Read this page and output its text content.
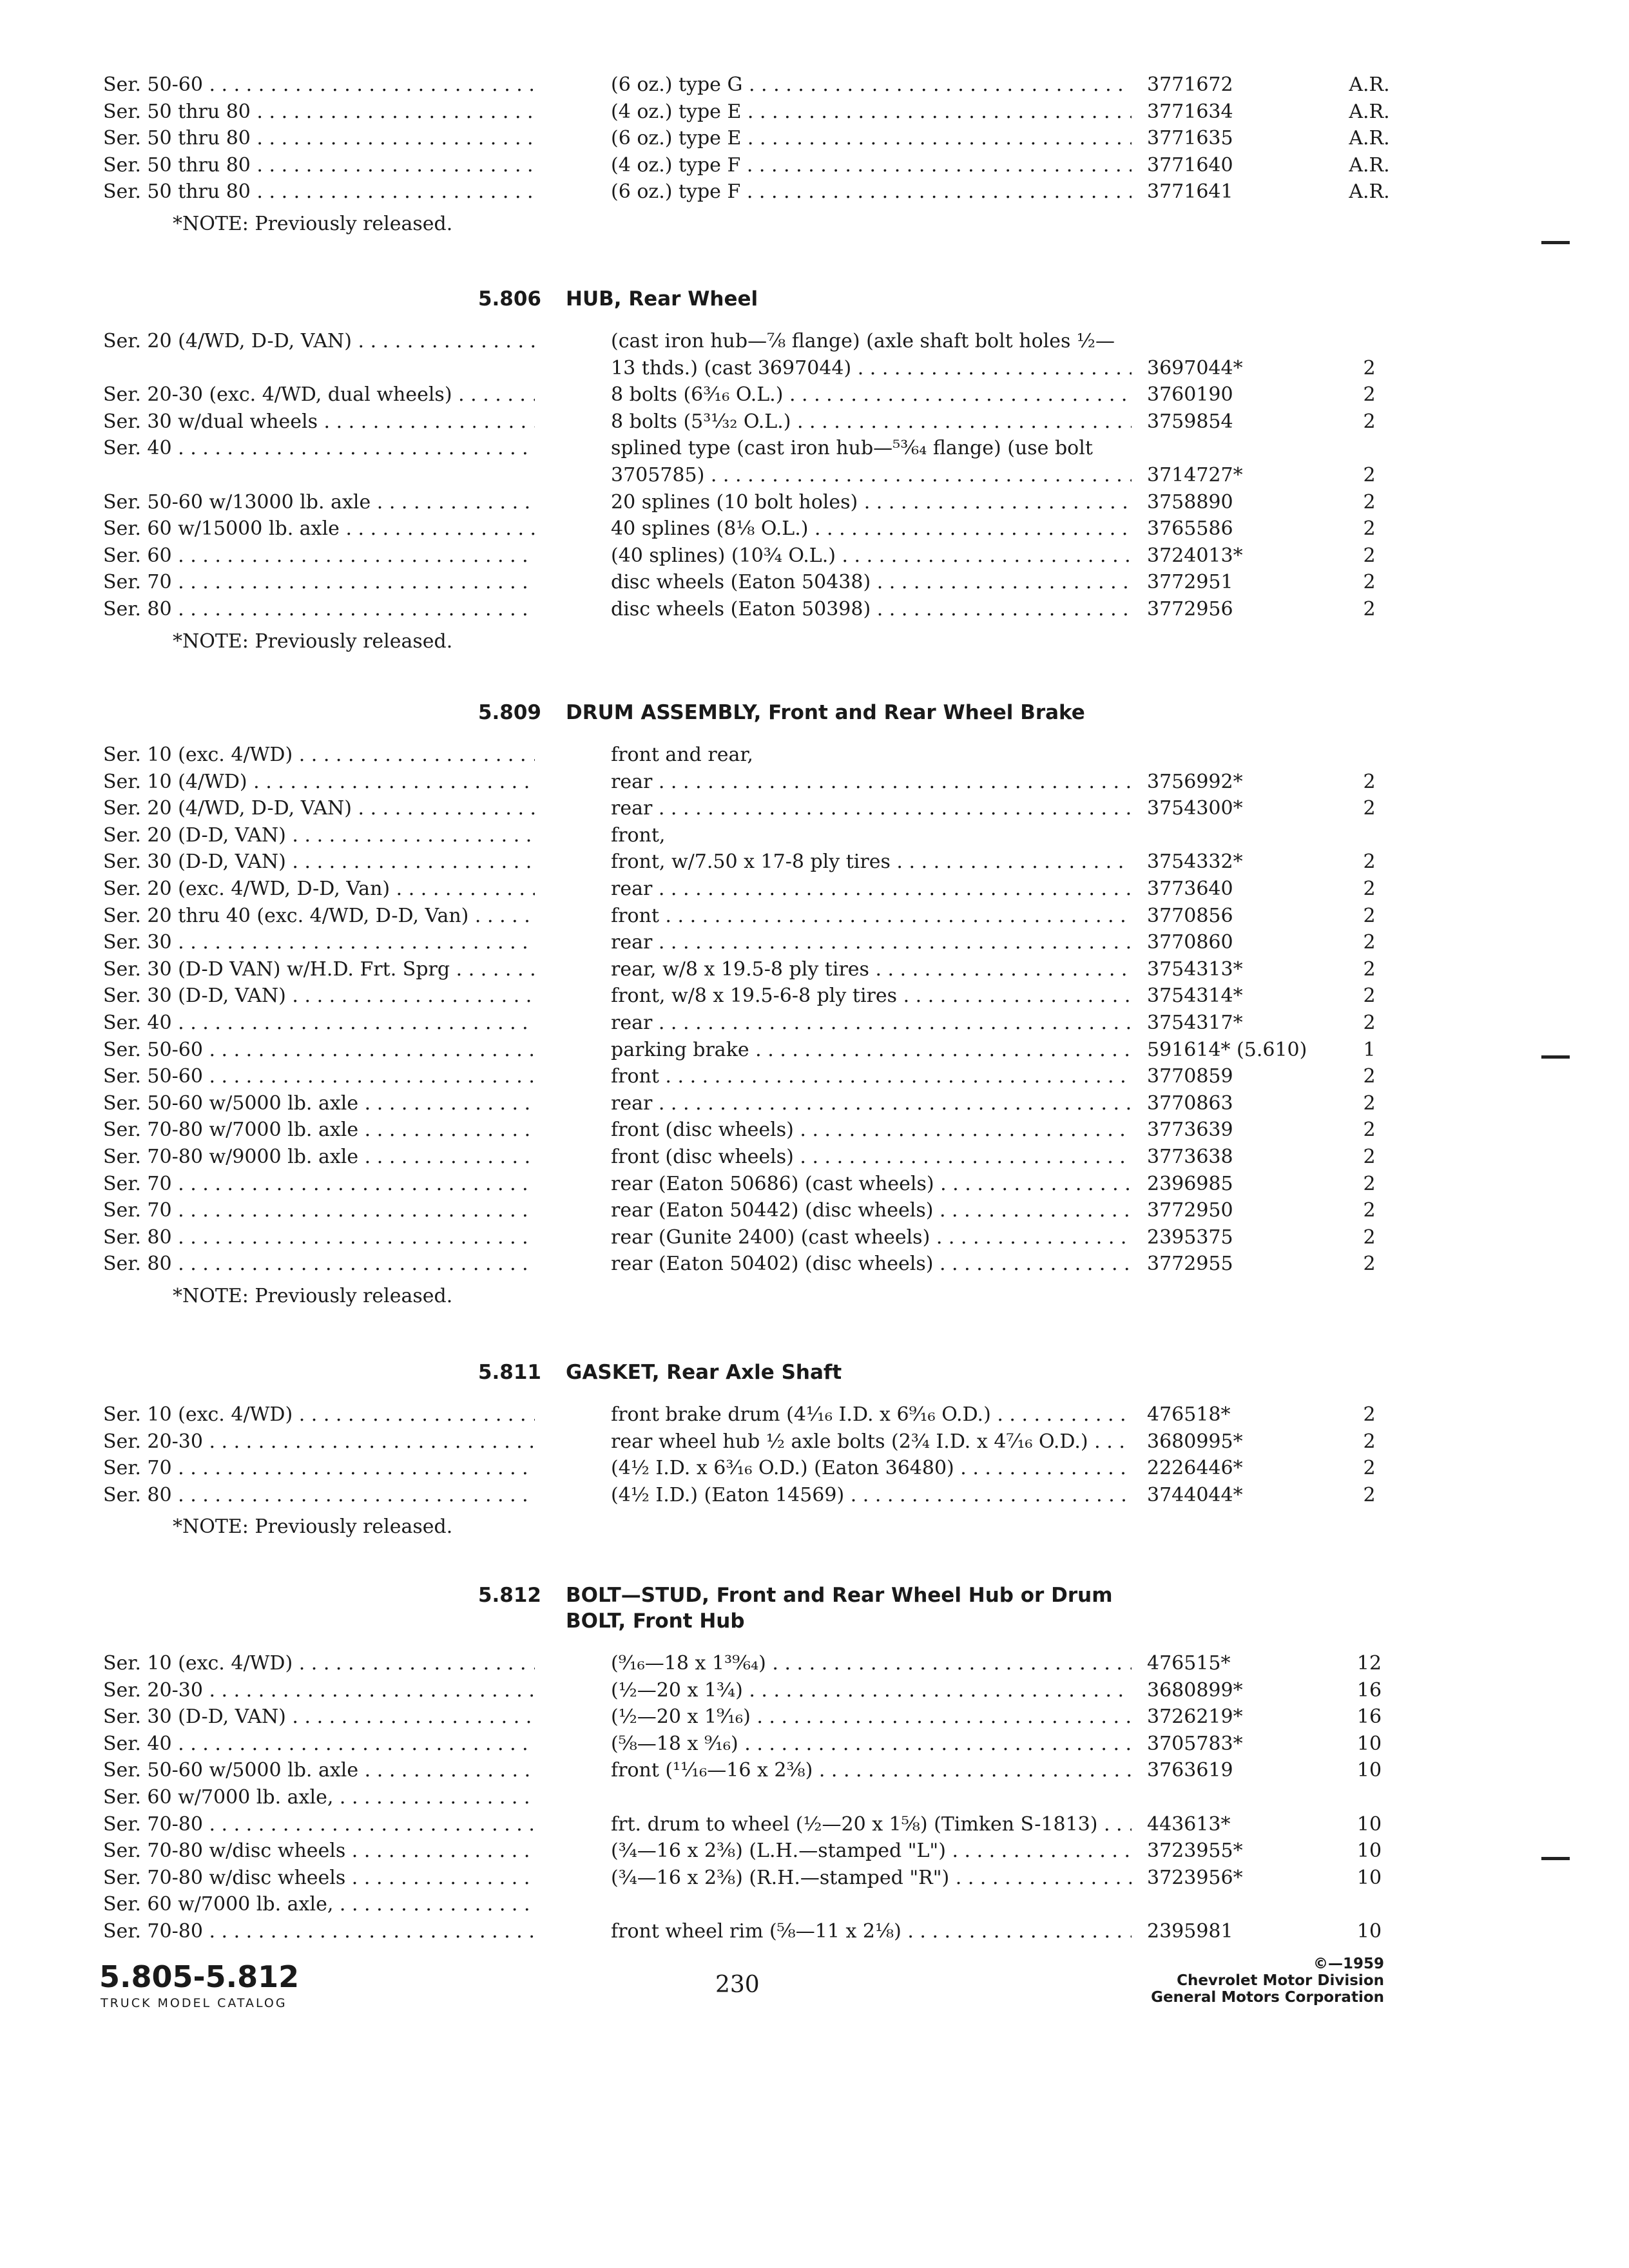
Ser. 50-60 . . .	(6 oz.) type G . . .	3771672	A.R.
Ser. 50 thru 80 . . .	(4 oz.) type E . . .	3771634	A.R.
Ser. 50 thru 80 . . .	(6 oz.) type E . . .	3771635	A.R.
Ser. 50 thru 80 . . .	(4 oz.) type F . . .	3771640	A.R.
Ser. 50 thru 80 . . .	(6 oz.) type F . . .	3771641	A.R.
*NOTE: Previously released.
5.806 HUB, Rear Wheel
Ser. 20 (4/WD, D-D, VAN) . . .	(cast iron hub—⅞ flange) (axle shaft bolt holes ½—
13 thds.) (cast 3697044) . . .	3697044*	2
Ser. 20-30 (exc. 4/WD, dual wheels) . . .	8 bolts (6³⁄₁₆ O.L.) . . .	3760190	2
Ser. 30 w/dual wheels . . .	8 bolts (5³¹⁄₃₂ O.L.) . . .	3759854	2
Ser. 40 . . .	splined type (cast iron hub—⁵³⁄₆₄ flange) (use bolt
3705785) . . .	3714727*	2
Ser. 50-60 w/13000 lb. axle . . .	20 splines (10 bolt holes) . . .	3758890	2
Ser. 60 w/15000 lb. axle . . .	40 splines (8⅛ O.L.) . . .	3765586	2
Ser. 60 . . .	(40 splines) (10¾ O.L.) . . .	3724013*	2
Ser. 70 . . .	disc wheels (Eaton 50438) . . .	3772951	2
Ser. 80 . . .	disc wheels (Eaton 50398) . . .	3772956	2
*NOTE: Previously released.
5.809 DRUM ASSEMBLY, Front and Rear Wheel Brake
Ser. 10 (exc. 4/WD) . . .	front and rear,
Ser. 10 (4/WD) . . .	rear . . .	3756992*	2
Ser. 20 (4/WD, D-D, VAN) . . .	rear . . .	3754300*	2
Ser. 20 (D-D, VAN) . . .	front,
Ser. 30 (D-D, VAN) . . .	front, w/7.50 x 17-8 ply tires . . .	3754332*	2
Ser. 20 (exc. 4/WD, D-D, Van) . . .	rear . . .	3773640	2
Ser. 20 thru 40 (exc. 4/WD, D-D, Van) . . .	front . . .	3770856	2
Ser. 30 . . .	rear . . .	3770860	2
Ser. 30 (D-D VAN) w/H.D. Frt. Sprg . . .	rear, w/8 x 19.5-8 ply tires . . .	3754313*	2
Ser. 30 (D-D, VAN) . . .	front, w/8 x 19.5-6-8 ply tires . . .	3754314*	2
Ser. 40 . . .	rear . . .	3754317*	2
Ser. 50-60 . . .	parking brake . . .	591614* (5.610)	1
Ser. 50-60 . . .	front . . .	3770859	2
Ser. 50-60 w/5000 lb. axle . . .	rear . . .	3770863	2
Ser. 70-80 w/7000 lb. axle . . .	front (disc wheels) . . .	3773639	2
Ser. 70-80 w/9000 lb. axle . . .	front (disc wheels) . . .	3773638	2
Ser. 70 . . .	rear (Eaton 50686) (cast wheels) . . .	2396985	2
Ser. 70 . . .	rear (Eaton 50442) (disc wheels) . . .	3772950	2
Ser. 80 . . .	rear (Gunite 2400) (cast wheels) . . .	2395375	2
Ser. 80 . . .	rear (Eaton 50402) (disc wheels) . . .	3772955	2
*NOTE: Previously released.
5.811 GASKET, Rear Axle Shaft
Ser. 10 (exc. 4/WD) . . .	front brake drum (4¹⁄₁₆ I.D. x 6⁹⁄₁₆ O.D.) . . .	476518*	2
Ser. 20-30 . . .	rear wheel hub ½ axle bolts (2¾ I.D. x 4⁷⁄₁₆ O.D.) . . .	3680995*	2
Ser. 70 . . .	(4½ I.D. x 6³⁄₁₆ O.D.) (Eaton 36480) . . .	2226446*	2
Ser. 80 . . .	(4½ I.D.) (Eaton 14569) . . .	3744044*	2
*NOTE: Previously released.
5.812 BOLT—STUD, Front and Rear Wheel Hub or Drum
BOLT, Front Hub
Ser. 10 (exc. 4/WD) . . .	(⁹⁄₁₆—18 x 1³⁹⁄₆₄) . . .	476515*	12
Ser. 20-30 . . .	(½—20 x 1¾) . . .	3680899*	16
Ser. 30 (D-D, VAN) . . .	(½—20 x 1⁹⁄₁₆) . . .	3726219*	16
Ser. 40 . . .	(⅝—18 x ⁹⁄₁₆) . . .	3705783*	10
Ser. 50-60 w/5000 lb. axle . . .	front (¹¹⁄₁₆—16 x 2⅜) . . .	3763619	10
Ser. 60 w/7000 lb. axle, . . .
Ser. 70-80 . . .	frt. drum to wheel (½—20 x 1⅝) (Timken S-1813) . . .	443613*	10
Ser. 70-80 w/disc wheels . . .	(¾—16 x 2⅜) (L.H.—stamped "L") . . .	3723955*	10
Ser. 70-80 w/disc wheels . . .	(¾—16 x 2⅜) (R.H.—stamped "R") . . .	3723956*	10
Ser. 60 w/7000 lb. axle, . . .
Ser. 70-80 . . .	front wheel rim (⅝—11 x 2⅛) . . .	2395981	10
5.805-5.812
TRUCK MODEL CATALOG
230
©—1959
Chevrolet Motor Division
General Motors Corporation
